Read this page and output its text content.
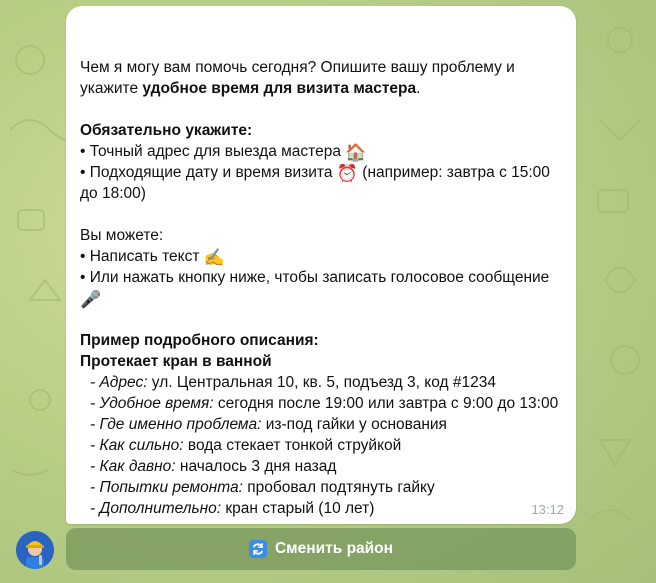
Чем я могу вам помочь сегодня? Опишите вашу проблему и укажите удобное время для визита мастера.

Обязательно укажите:

• Точный адрес для выезда мастера 🏠

• Подходящие дату и время визита ⏰ (например: завтра с 15:00 до 18:00)

Вы можете:

• Написать текст ✍️

• Или нажать кнопку ниже, чтобы записать голосовое сообщение 🎤

Пример подробного описания:

Протекает кран в ванной

- Адрес: ул. Центральная 10, кв. 5, подъезд 3, код #1234

- Удобное время: сегодня после 19:00 или завтра с 9:00 до 13:00

- Где именно проблема: из-под гайки у основания

- Как сильно: вода стекает тонкой струйкой

- Как давно: началось 3 дня назад

- Попытки ремонта: пробовал подтянуть гайку

- Дополнительно: кран старый (10 лет)	13:12
Сменить район
